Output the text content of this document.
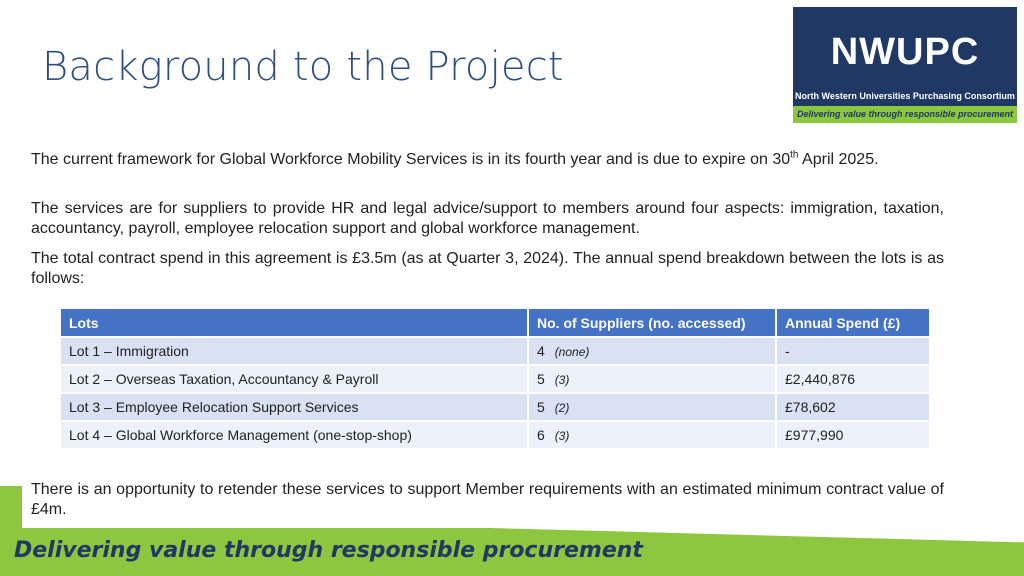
Background to the Project	NWUPC
North Western Universities Purchasing Consortium
Delivering value through responsible procurement
The current framework for Global Workforce Mobility Services is in its fourth year and is due to expire on 30th April 2025.
The services are for suppliers to provide HR and legal advice/support to members around four aspects: immigration, taxation, accountancy, payroll, employee relocation support and global workforce management.
The total contract spend in this agreement is £3.5m (as at Quarter 3, 2024). The annual spend breakdown between the lots is as follows:
Lots	No. of Suppliers (no. accessed)	Annual Spend (£)
Lot 1 – Immigration	4 (none)	-
Lot 2 – Overseas Taxation, Accountancy & Payroll	5 (3)	£2,440,876
Lot 3 – Employee Relocation Support Services	5 (2)	£78,602
Lot 4 – Global Workforce Management (one-stop-shop)	6 (3)	£977,990
There is an opportunity to retender these services to support Member requirements with an estimated minimum contract value of £4m.
Delivering value through responsible procurement
